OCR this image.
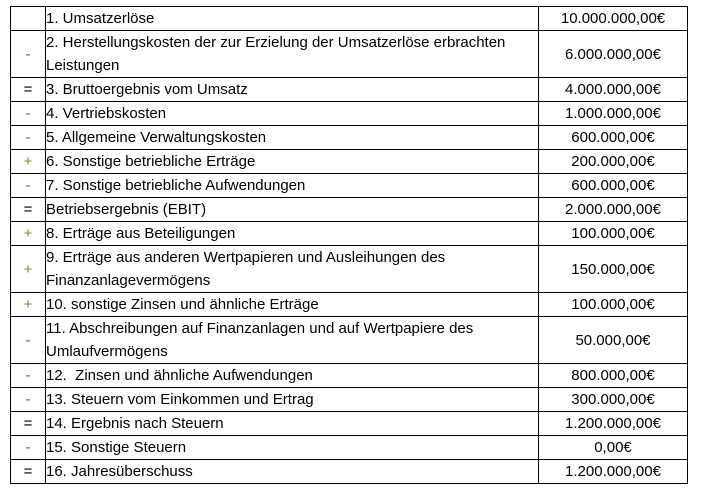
	1. Umsatzerlöse	10.000.000,00€
-	2. Herstellungskosten der zur Erzielung der Umsatzerlöse erbrachten Leistungen	6.000.000,00€
=	3. Bruttoergebnis vom Umsatz	4.000.000,00€
-	4. Vertriebskosten	1.000.000,00€
-	5. Allgemeine Verwaltungskosten	600.000,00€
+	6. Sonstige betriebliche Erträge	200.000,00€
-	7. Sonstige betriebliche Aufwendungen	600.000,00€
=	Betriebsergebnis (EBIT)	2.000.000,00€
+	8. Erträge aus Beteiligungen	100.000,00€
+	9. Erträge aus anderen Wertpapieren und Ausleihungen des Finanzanlagevermögens	150.000,00€
+	10. sonstige Zinsen und ähnliche Erträge	100.000,00€
-	11. Abschreibungen auf Finanzanlagen und auf Wertpapiere des Umlaufvermögens	50.000,00€
-	12.  Zinsen und ähnliche Aufwendungen	800.000,00€
-	13. Steuern vom Einkommen und Ertrag	300.000,00€
=	14. Ergebnis nach Steuern	1.200.000,00€
-	15. Sonstige Steuern	0,00€
=	16. Jahresüberschuss	1.200.000,00€
